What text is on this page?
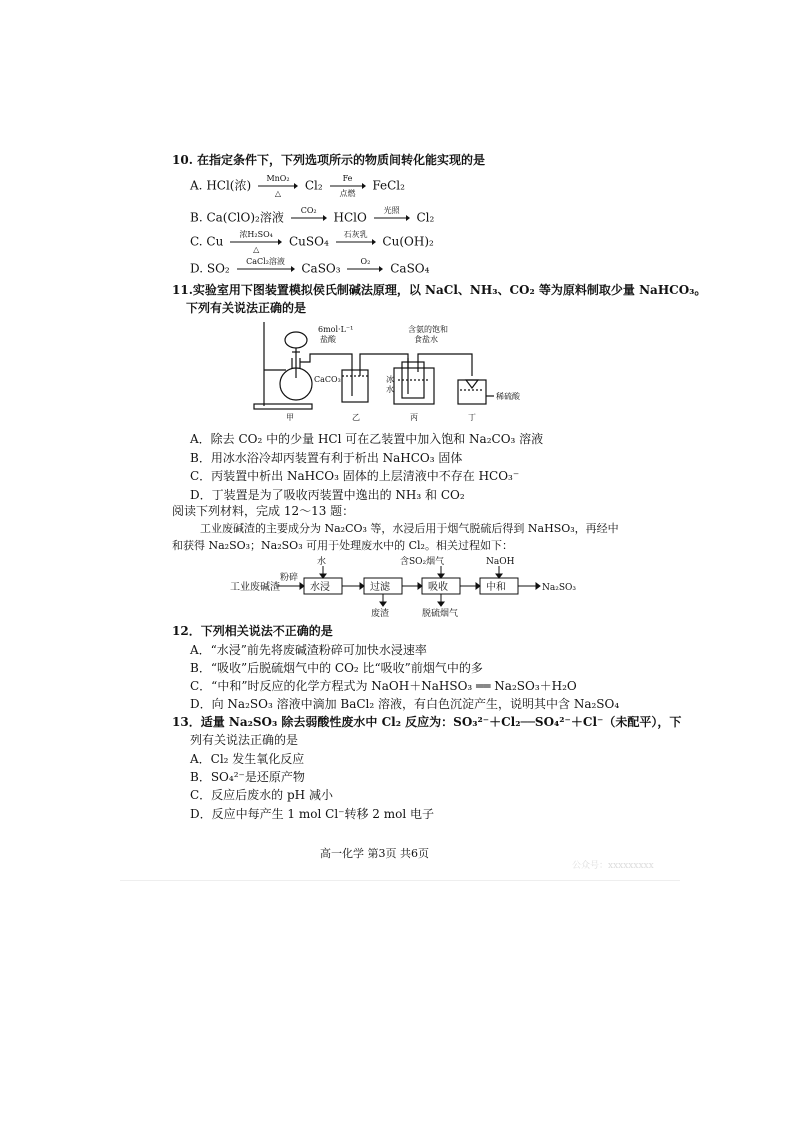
10. 在指定条件下，下列选项所示的物质间转化能实现的是
A. HCl(浓)	MnO₂
△
Cl₂	Fe
点燃
FeCl₂
B. Ca(ClO)₂溶液	CO₂	HClO	光照	Cl₂
C. Cu	浓H₂SO₄
△
CuSO₄	石灰乳	Cu(OH)₂
D. SO₂	CaCl₂溶液	CaSO₃	O₂	CaSO₄
11.实验室用下图装置模拟侯氏制碱法原理，以 NaCl、NH₃、CO₂ 等为原料制取少量 NaHCO₃。
下列有关说法正确的是
6mol·L⁻¹
盐酸
CaCO₃
含氨的饱和
食盐水
冰
水
稀硫酸
甲	乙	丙	丁
A．除去 CO₂ 中的少量 HCl 可在乙装置中加入饱和 Na₂CO₃ 溶液
B．用冰水浴冷却丙装置有利于析出 NaHCO₃ 固体
C．丙装置中析出 NaHCO₃ 固体的上层清液中不存在 HCO₃⁻
D．丁装置是为了吸收丙装置中逸出的 NH₃ 和 CO₂
阅读下列材料，完成 12～13 题：
工业废碱渣的主要成分为 Na₂CO₃ 等，水浸后用于烟气脱硫后得到 NaHSO₃，再经中
和获得 Na₂SO₃；Na₂SO₃ 可用于处理废水中的 Cl₂。相关过程如下：
工业废碱渣
粉碎
水
水浸	过滤
含SO₂烟气
吸收
NaOH
中和	Na₂SO₃
废渣	脱硫烟气
12．下列相关说法不正确的是
A．“水浸”前先将废碱渣粉碎可加快水浸速率
B．“吸收”后脱硫烟气中的 CO₂ 比“吸收”前烟气中的多
C．“中和”时反应的化学方程式为 NaOH＋NaHSO₃ ══ Na₂SO₃＋H₂O
D．向 Na₂SO₃ 溶液中滴加 BaCl₂ 溶液，有白色沉淀产生，说明其中含 Na₂SO₄
13．适量 Na₂SO₃ 除去弱酸性废水中 Cl₂ 反应为：SO₃²⁻＋Cl₂──SO₄²⁻＋Cl⁻（未配平），下
列有关说法正确的是
A．Cl₂ 发生氧化反应
B．SO₄²⁻是还原产物
C．反应后废水的 pH 减小
D．反应中每产生 1 mol Cl⁻转移 2 mol 电子
高一化学 第3页 共6页
公众号：xxxxxxxxx
